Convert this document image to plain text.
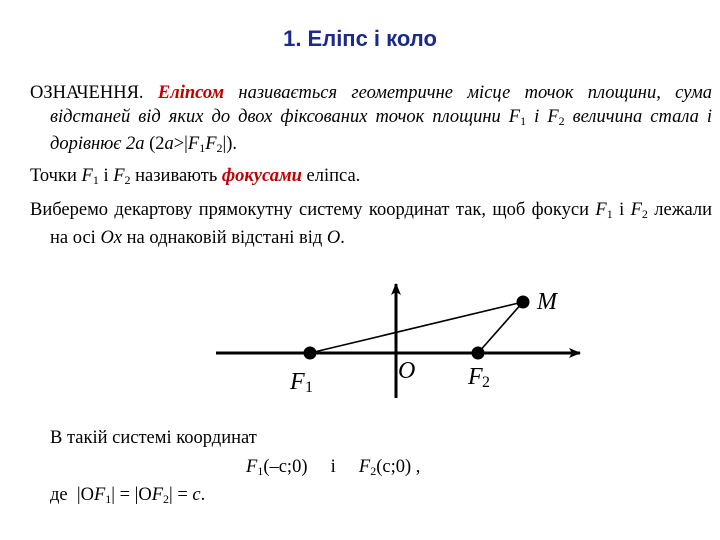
1. Еліпс і коло
ОЗНАЧЕННЯ. Еліпсом називається геометричне місце точок площини, сума відстаней від яких до двох фіксованих точок площини $F_1$ і $F_2$ величина стала і дорівнює 2a $(2a>|F_1F_2|)$.
Точки $F_1$ і $F_2$ називають фокусами еліпса.
Виберемо декартову прямокутну систему координат так, щоб фокуси $F_1$ і $F_2$ лежали на осі Ox на однаковій відстані від O.
M
O
F 1	F 2
В такій системі координат
$F_1(-c;0)$ і $F_2(c;0)$ ,
де $|OF_1| = |OF_2| = c$.
